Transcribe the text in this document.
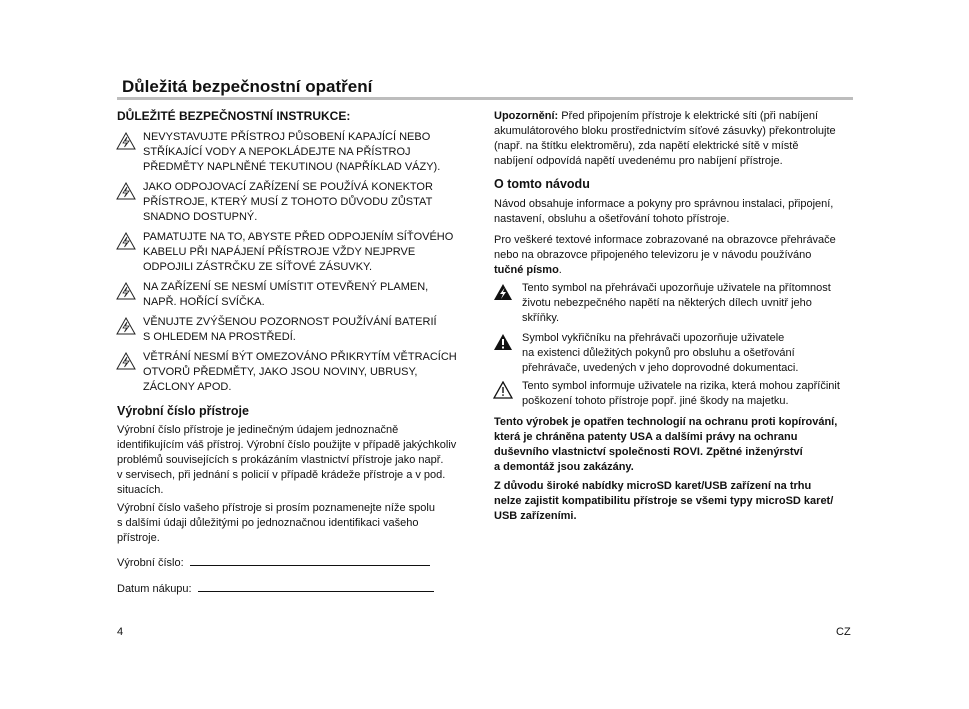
Důležitá bezpečnostní opatření
DŮLEŽITÉ BEZPEČNOSTNÍ INSTRUKCE:
NEVYSTAVUJTE PŘÍSTROJ PŮSOBENÍ KAPAJÍCÍ NEBO
STŘÍKAJÍCÍ VODY A NEPOKLÁDEJTE NA PŘÍSTROJ
PŘEDMĚTY NAPLNĚNÉ TEKUTINOU (NAPŘÍKLAD VÁZY).
JAKO ODPOJOVACÍ ZAŘÍZENÍ SE POUŽÍVÁ KONEKTOR
PŘÍSTROJE, KTERÝ MUSÍ Z TOHOTO DŮVODU ZŮSTAT
SNADNO DOSTUPNÝ.
PAMATUJTE NA TO, ABYSTE PŘED ODPOJENÍM SÍŤOVÉHO
KABELU PŘI NAPÁJENÍ PŘÍSTROJE VŽDY NEJPRVE
ODPOJILI ZÁSTRČKU ZE SÍŤOVÉ ZÁSUVKY.
NA ZAŘÍZENÍ SE NESMÍ UMÍSTIT OTEVŘENÝ PLAMEN,
NAPŘ. HOŘÍCÍ SVÍČKA.
VĚNUJTE ZVÝŠENOU POZORNOST POUŽÍVÁNÍ BATERIÍ
S OHLEDEM NA PROSTŘEDÍ.
VĚTRÁNÍ NESMÍ BÝT OMEZOVÁNO PŘIKRYTÍM VĚTRACÍCH
OTVORŮ PŘEDMĚTY, JAKO JSOU NOVINY, UBRUSY,
ZÁCLONY APOD.
Výrobní číslo přístroje
Výrobní číslo přístroje je jedinečným údajem jednoznačně
identifikujícím váš přístroj. Výrobní číslo použijte v případě jakýchkoliv
problémů souvisejících s prokázáním vlastnictví přístroje jako např.
v servisech, při jednání s policií v případě krádeže přístroje a v pod.
situacích.
Výrobní číslo vašeho přístroje si prosím poznamenejte níže spolu
s dalšími údaji důležitými po jednoznačnou identifikaci vašeho
přístroje.
Výrobní číslo:
Datum nákupu:
Upozornění: Před připojením přístroje k elektrické síti (při nabíjení
akumulátorového bloku prostřednictvím síťové zásuvky) překontrolujte
(např. na štítku elektroměru), zda napětí elektrické sítě v místě
nabíjení odpovídá napětí uvedenému pro nabíjení přístroje.
O tomto návodu
Návod obsahuje informace a pokyny pro správnou instalaci, připojení,
nastavení, obsluhu a ošetřování tohoto přístroje.
Pro veškeré textové informace zobrazované na obrazovce přehrávače
nebo na obrazovce připojeného televizoru je v návodu používáno
tučné písmo.
Tento symbol na přehrávači upozorňuje uživatele na přítomnost
životu nebezpečného napětí na některých dílech uvnitř jeho
skříňky.
Symbol vykřičníku na přehrávači upozorňuje uživatele
na existenci důležitých pokynů pro obsluhu a ošetřování
přehrávače, uvedených v jeho doprovodné dokumentaci.
Tento symbol informuje uživatele na rizika, která mohou zapříčinit
poškození tohoto přístroje popř. jiné škody na majetku.
Tento výrobek je opatřen technologií na ochranu proti kopírování,
která je chráněna patenty USA a dalšími právy na ochranu
duševního vlastnictví společnosti ROVI. Zpětné inženýrství
a demontáž jsou zakázány.
Z důvodu široké nabídky microSD karet/USB zařízení na trhu
nelze zajistit kompatibilitu přístroje se všemi typy microSD karet/
USB zařízeními.
4	CZ
